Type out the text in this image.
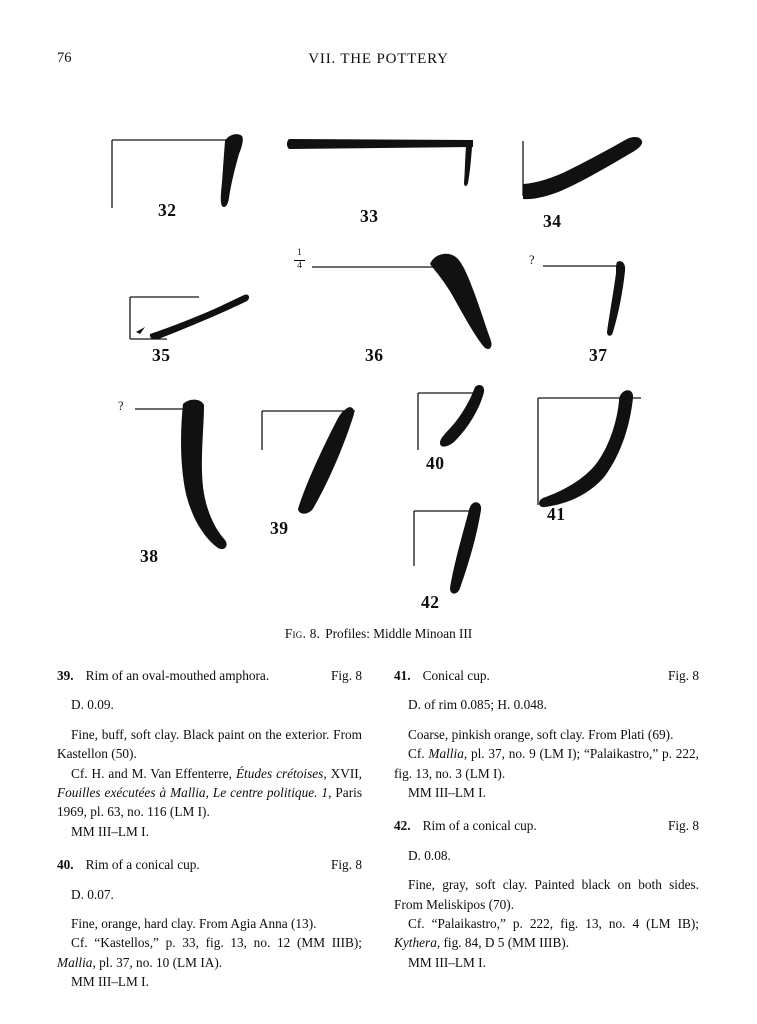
76	VII. THE POTTERY
32	33	34
35
$\frac{1}{4}$
36
?
37
?
38
39
40
41
42
Fig. 8. Profiles: Middle Minoan III
39. Rim of an oval-mouthed amphora.	Fig. 8

D. 0.09.

Fine, buff, soft clay. Black paint on the exterior. From Kastellon (50).

Cf. H. and M. Van Effenterre, Études crétoises, XVII, Fouilles exécutées à Mallia, Le centre politique. 1, Paris 1969, pl. 63, no. 116 (LM I).

MM III–LM I.

40. Rim of a conical cup.	Fig. 8

D. 0.07.

Fine, orange, hard clay. From Agia Anna (13).

Cf. “Kastellos,” p. 33, fig. 13, no. 12 (MM IIIB); Mallia, pl. 37, no. 10 (LM IA).

MM III–LM I.

41. Conical cup.	Fig. 8

D. of rim 0.085; H. 0.048.

Coarse, pinkish orange, soft clay. From Plati (69).

Cf. Mallia, pl. 37, no. 9 (LM I); “Palaikastro,” p. 222, fig. 13, no. 3 (LM I).

MM III–LM I.

42. Rim of a conical cup.	Fig. 8

D. 0.08.

Fine, gray, soft clay. Painted black on both sides. From Meliskipos (70).

Cf. “Palaikastro,” p. 222, fig. 13, no. 4 (LM IB); Kythera, fig. 84, D 5 (MM IIIB).

MM III–LM I.
